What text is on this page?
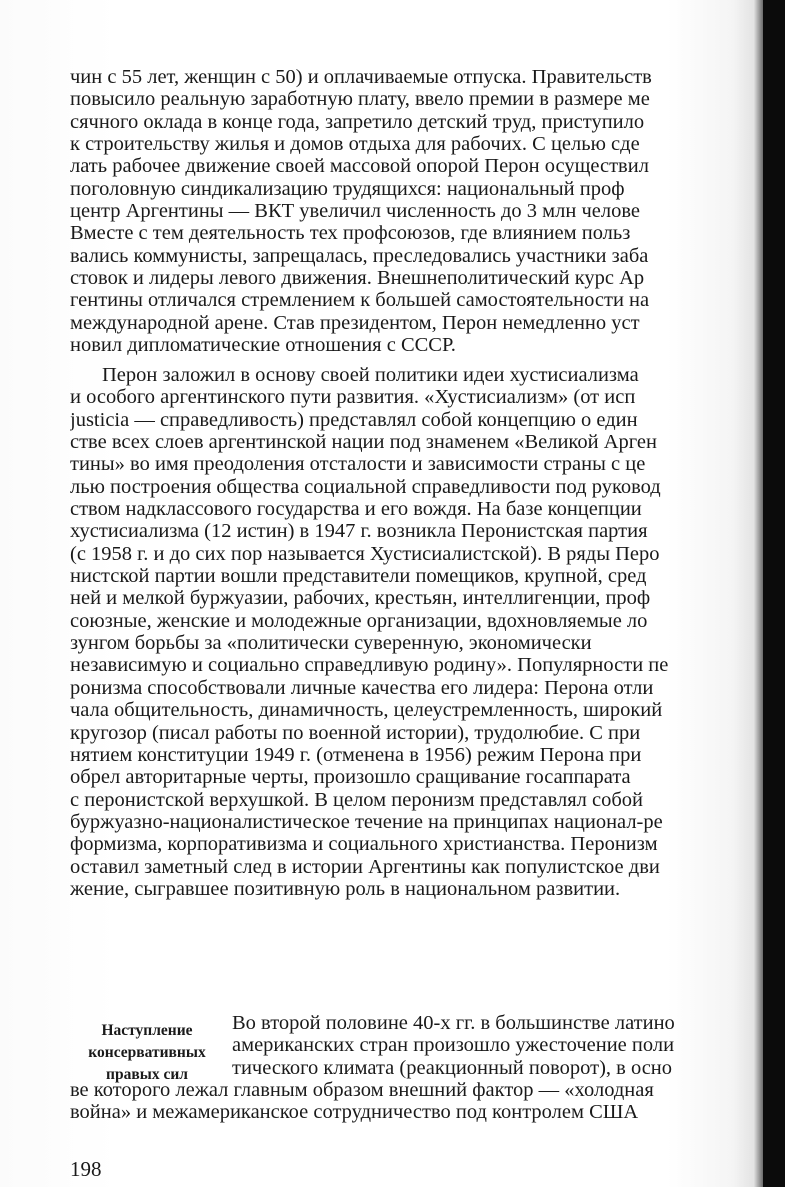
чин с 55 лет, женщин с 50) и оплачиваемые отпуска. Правительств
повысило реальную заработную плату, ввело премии в размере ме
сячного оклада в конце года, запретило детский труд, приступило
к строительству жилья и домов отдыха для рабочих. С целью сде
лать рабочее движение своей массовой опорой Перон осуществил
поголовную синдикализацию трудящихся: национальный проф
центр Аргентины — ВКТ увеличил численность до 3 млн челове
Вместе с тем деятельность тех профсоюзов, где влиянием польз
вались коммунисты, запрещалась, преследовались участники заба
стовок и лидеры левого движения. Внешнеполитический курс Ар
гентины отличался стремлением к большей самостоятельности на
международной арене. Став президентом, Перон немедленно уст
новил дипломатические отношения с СССР.
Перон заложил в основу своей политики идеи хустисиализма
и особого аргентинского пути развития. «Хустисиализм» (от исп
justicia — справедливость) представлял собой концепцию о един
стве всех слоев аргентинской нации под знаменем «Великой Арген
тины» во имя преодоления отсталости и зависимости страны с це
лью построения общества социальной справедливости под руковод
ством надклассового государства и его вождя. На базе концепции
хустисиализма (12 истин) в 1947 г. возникла Перонистская партия
(с 1958 г. и до сих пор называется Хустисиалистской). В ряды Перо
нистской партии вошли представители помещиков, крупной, сред
ней и мелкой буржуазии, рабочих, крестьян, интеллигенции, проф
союзные, женские и молодежные организации, вдохновляемые ло
зунгом борьбы за «политически суверенную, экономически
независимую и социально справедливую родину». Популярности пе
ронизма способствовали личные качества его лидера: Перона отли
чала общительность, динамичность, целеустремленность, широкий
кругозор (писал работы по военной истории), трудолюбие. С при
нятием конституции 1949 г. (отменена в 1956) режим Перона при
обрел авторитарные черты, произошло сращивание госаппарата
с перонистской верхушкой. В целом перонизм представлял собой
буржуазно-националистическое течение на принципах национал-ре
формизма, корпоративизма и социального христианства. Перонизм
оставил заметный след в истории Аргентины как популистское дви
жение, сыгравшее позитивную роль в национальном развитии.
Наступление
консервативных
правых сил
Во второй половине 40-х гг. в большинстве латино
американских стран произошло ужесточение поли
тического климата (реакционный поворот), в осно
ве которого лежал главным образом внешний фактор — «холодная
война» и межамериканское сотрудничество под контролем США
198
